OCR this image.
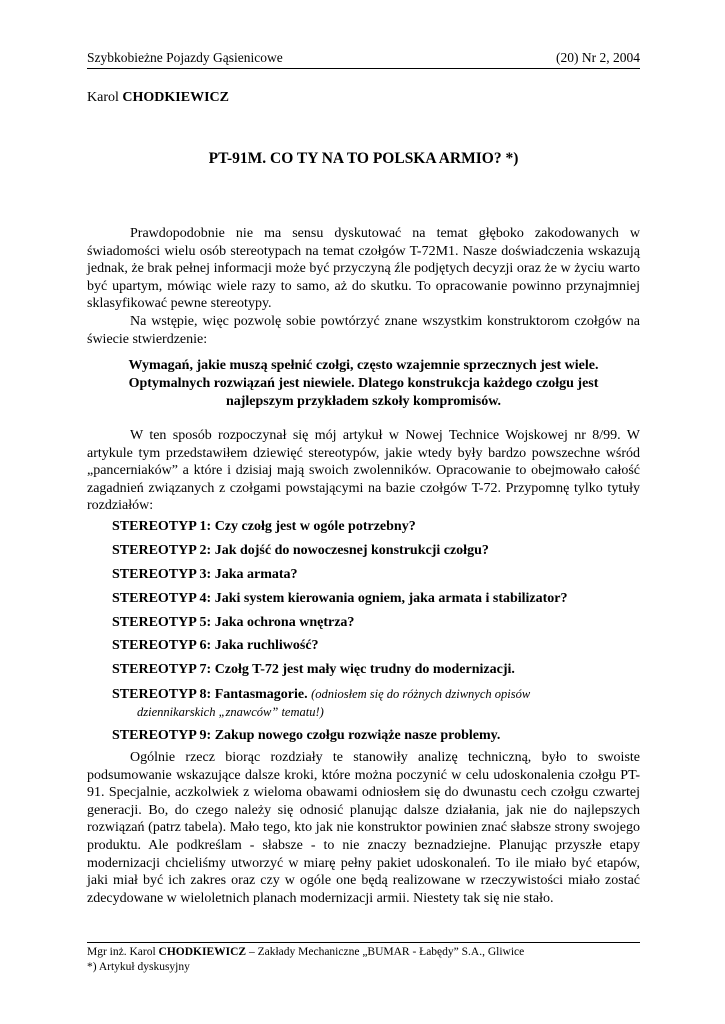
Szybkobieżne Pojazdy Gąsienicowe	(20) Nr 2, 2004
Karol CHODKIEWICZ
PT-91M. CO TY NA TO POLSKA ARMIO? *)

Prawdopodobnie nie ma sensu dyskutować na temat głęboko zakodowanych w świadomości wielu osób stereotypach na temat czołgów T-72M1. Nasze doświadczenia wskazują jednak, że brak pełnej informacji może być przyczyną źle podjętych decyzji oraz że w życiu warto być upartym, mówiąc wiele razy to samo, aż do skutku. To opracowanie powinno przynajmniej sklasyfikować pewne stereotypy.

Na wstępie, więc pozwolę sobie powtórzyć znane wszystkim konstruktorom czołgów na świecie stwierdzenie:

Wymagań, jakie muszą spełnić czołgi, często wzajemnie sprzecznych jest wiele.
Optymalnych rozwiązań jest niewiele. Dlatego konstrukcja każdego czołgu jest
najlepszym przykładem szkoły kompromisów.

W ten sposób rozpoczynał się mój artykuł w Nowej Technice Wojskowej nr 8/99. W artykule tym przedstawiłem dziewięć stereotypów, jakie wtedy były bardzo powszechne wśród „pancerniaków” a które i dzisiaj mają swoich zwolenników. Opracowanie to obejmowało całość zagadnień związanych z czołgami powstającymi na bazie czołgów T-72. Przypomnę tylko tytuły rozdziałów:

STEREOTYP 1: Czy czołg jest w ogóle potrzebny?
STEREOTYP 2: Jak dojść do nowoczesnej konstrukcji czołgu?
STEREOTYP 3: Jaka armata?
STEREOTYP 4: Jaki system kierowania ogniem, jaka armata i stabilizator?
STEREOTYP 5: Jaka ochrona wnętrza?
STEREOTYP 6: Jaka ruchliwość?
STEREOTYP 7: Czołg T-72 jest mały więc trudny do modernizacji.
STEREOTYP 8: Fantasmagorie. (odniosłem się do różnych dziwnych opisów
dziennikarskich „znawców” tematu!)
STEREOTYP 9: Zakup nowego czołgu rozwiąże nasze problemy.

Ogólnie rzecz biorąc rozdziały te stanowiły analizę techniczną, było to swoiste podsumowanie wskazujące dalsze kroki, które można poczynić w celu udoskonalenia czołgu PT-91. Specjalnie, aczkolwiek z wieloma obawami odniosłem się do dwunastu cech czołgu czwartej generacji. Bo, do czego należy się odnosić planując dalsze działania, jak nie do najlepszych rozwiązań (patrz tabela). Mało tego, kto jak nie konstruktor powinien znać słabsze strony swojego produktu. Ale podkreślam - słabsze - to nie znaczy beznadziejne. Planując przyszłe etapy modernizacji chcieliśmy utworzyć w miarę pełny pakiet udoskonaleń. To ile miało być etapów, jaki miał być ich zakres oraz czy w ogóle one będą realizowane w rzeczywistości miało zostać zdecydowane w wieloletnich planach modernizacji armii. Niestety tak się nie stało.

Mgr inż. Karol CHODKIEWICZ – Zakłady Mechaniczne „BUMAR - Łabędy” S.A., Gliwice
*) Artykuł dyskusyjny
